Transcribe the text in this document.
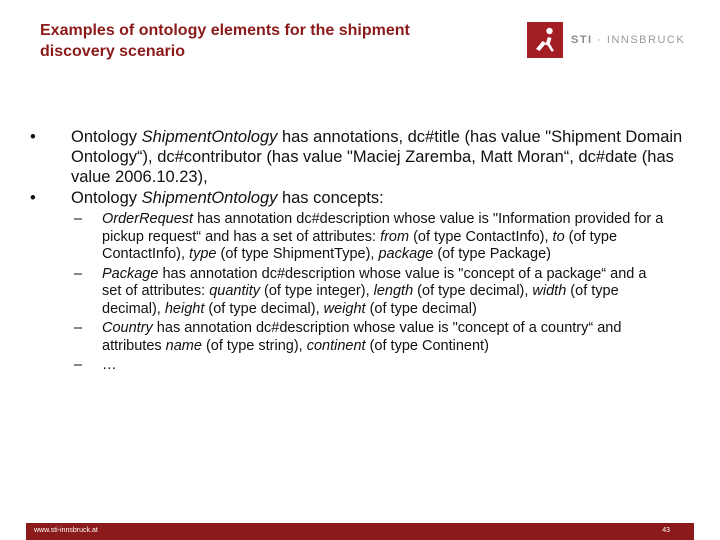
Examples of ontology elements for the shipment
discovery scenario
STI · INNSBRUCK
• Ontology ShipmentOntology has annotations, dc#title (has value "Shipment Domain Ontology“), dc#contributor (has value "Maciej Zaremba, Matt Moran“, dc#date (has value 2006.10.23),
• Ontology ShipmentOntology has concepts:
– OrderRequest has annotation dc#description whose value is "Information provided for a pickup request“ and has a set of attributes: from (of type ContactInfo), to (of type ContactInfo), type (of type ShipmentType), package (of type Package)
– Package has annotation dc#description whose value is "concept of a package“ and a set of attributes: quantity (of type integer), length (of type decimal), width (of type decimal), height (of type decimal), weight (of type decimal)
– Country has annotation dc#description whose value is "concept of a country“ and attributes name (of type string), continent (of type Continent)
– …
www.sti-innsbruck.at	43
